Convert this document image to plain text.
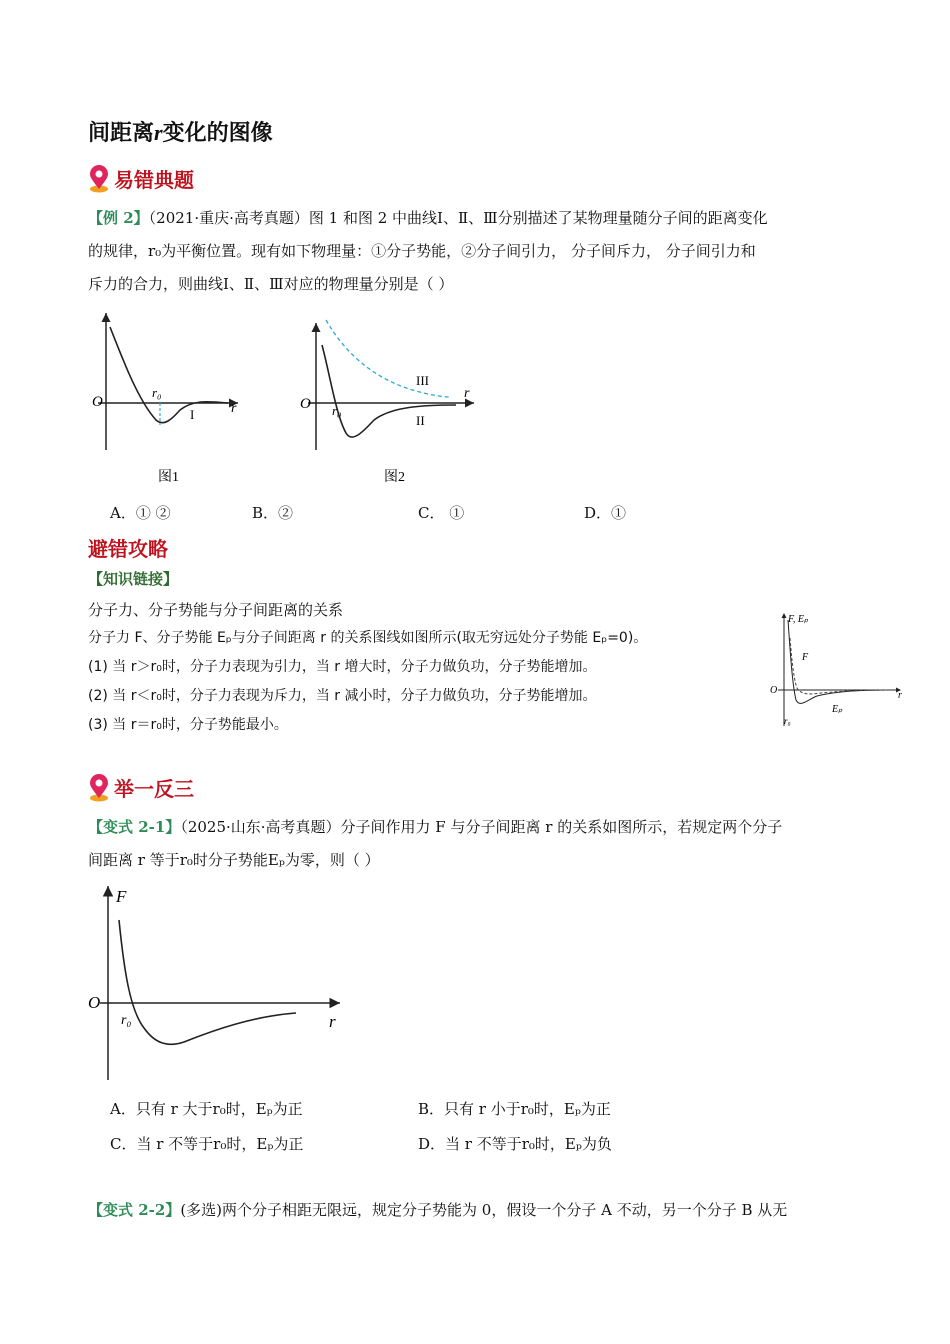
间距离r变化的图像
易错典题
【例 2】（2021·重庆·高考真题）图 1 和图 2 中曲线Ⅰ、Ⅱ、Ⅲ分别描述了某物理量随分子间的距离变化
的规律，r₀为平衡位置。现有如下物理量：①分子势能，②分子间引力， 分子间斥力， 分子间引力和
斥力的合力，则曲线Ⅰ、Ⅱ、Ⅲ对应的物理量分别是（ ）
O	r
r₀
I
图1
O
r
r₀
III
II
图2
A．① ②	B．②	C． ①	D．①
避错攻略
【知识链接】
分子力、分子势能与分子间距离的关系
分子力 F、分子势能 Eₚ与分子间距离 r 的关系图线如图所示(取无穷远处分子势能 Eₚ=0)。
(1) 当 r＞r₀时，分子力表现为引力，当 r 增大时，分子力做负功，分子势能增加。
(2) 当 r＜r₀时，分子力表现为斥力，当 r 减小时，分子力做负功，分子势能增加。
(3) 当 r＝r₀时，分子势能最小。
F, Eₚ
F
Eₚ
O	r
r₀
举一反三
【变式 2-1】（2025·山东·高考真题）分子间作用力 F 与分子间距离 r 的关系如图所示，若规定两个分子
间距离 r 等于r₀时分子势能Eₚ为零，则（ ）
F
O
r₀	r
A．只有 r 大于r₀时，Eₚ为正	B．只有 r 小于r₀时，Eₚ为正
C．当 r 不等于r₀时，Eₚ为正	D．当 r 不等于r₀时，Eₚ为负
【变式 2-2】(多选)两个分子相距无限远，规定分子势能为 0，假设一个分子 A 不动，另一个分子 B 从无
